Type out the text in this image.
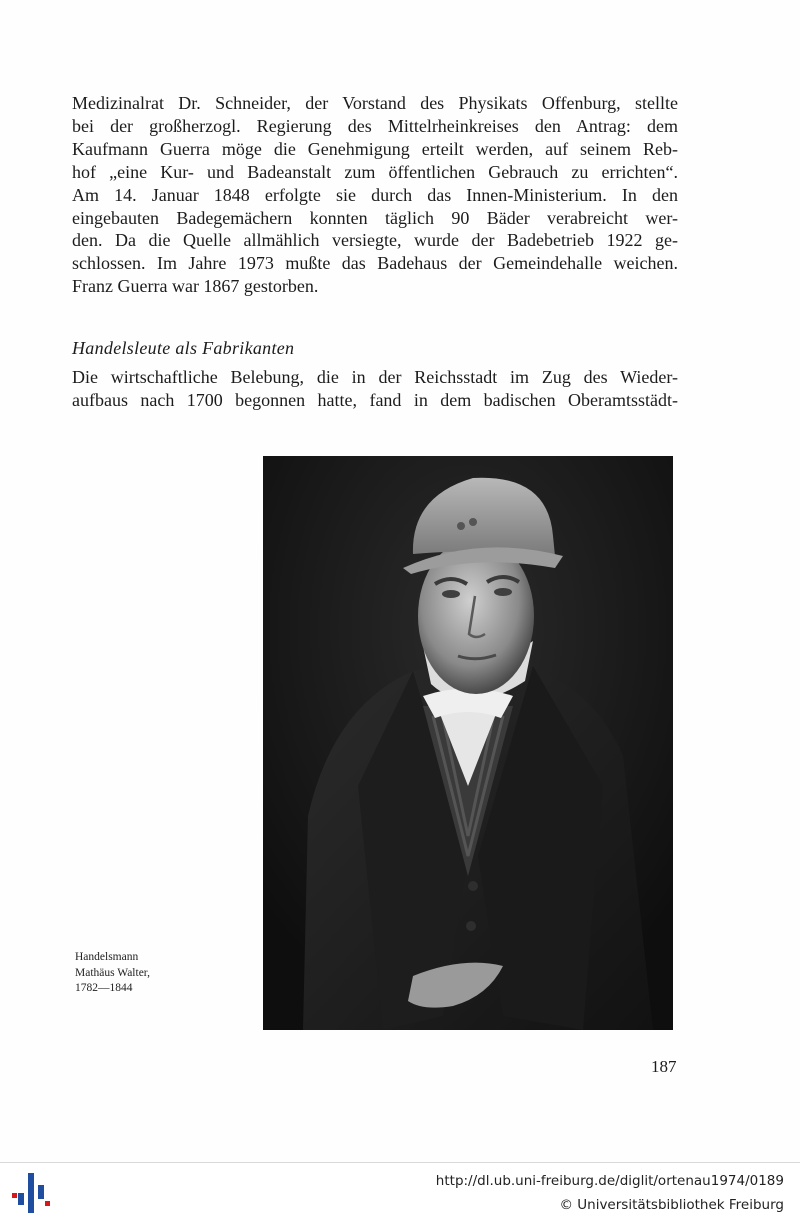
Medizinalrat Dr. Schneider, der Vorstand des Physikats Offenburg, stellte
bei der großherzogl. Regierung des Mittelrheinkreises den Antrag: dem
Kaufmann Guerra möge die Genehmigung erteilt werden, auf seinem Reb-
hof „eine Kur- und Badeanstalt zum öffentlichen Gebrauch zu errichten“.
Am 14. Januar 1848 erfolgte sie durch das Innen-Ministerium. In den
eingebauten Badegemächern konnten täglich 90 Bäder verabreicht wer-
den. Da die Quelle allmählich versiegte, wurde der Badebetrieb 1922 ge-
schlossen. Im Jahre 1973 mußte das Badehaus der Gemeindehalle weichen.
Franz Guerra war 1867 gestorben.
Handelsleute als Fabrikanten
Die wirtschaftliche Belebung, die in der Reichsstadt im Zug des Wieder-
aufbaus nach 1700 begonnen hatte, fand in dem badischen Oberamtsstädt-
Handelsmann
Mathäus Walter,
1782—1844
187
http://dl.ub.uni-freiburg.de/diglit/ortenau1974/0189
© Universitätsbibliothek Freiburg
